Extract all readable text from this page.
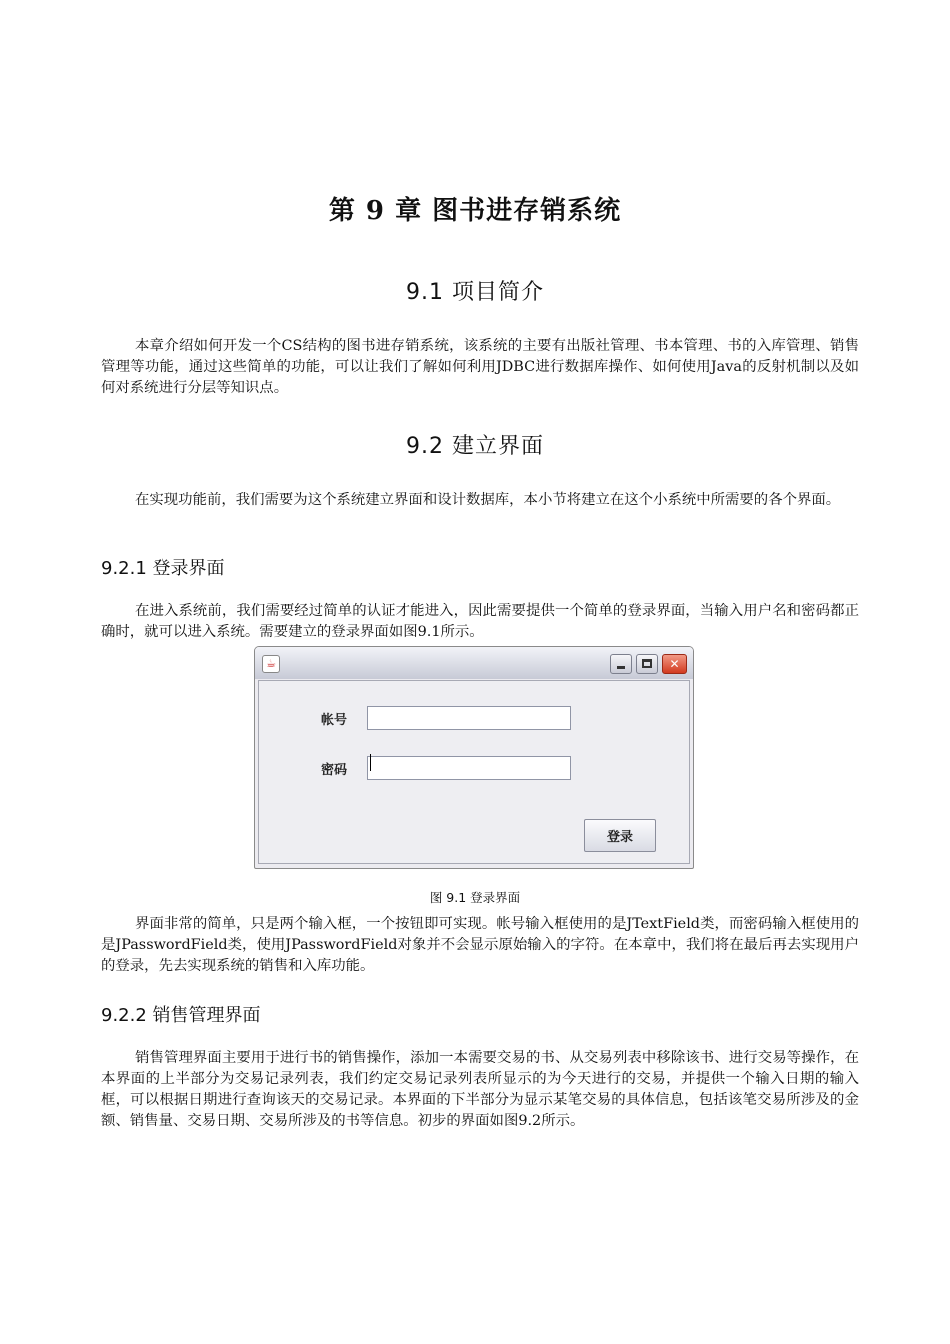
第 9 章 图书进存销系统
9.1 项目简介

本章介绍如何开发一个CS结构的图书进存销系统，该系统的主要有出版社管理、书本管理、书的入库管理、销售管理等功能，通过这些简单的功能，可以让我们了解如何利用JDBC进行数据库操作、如何使用Java的反射机制以及如何对系统进行分层等知识点。

9.2 建立界面

在实现功能前，我们需要为这个系统建立界面和设计数据库，本小节将建立在这个小系统中所需要的各个界面。

9.2.1 登录界面

在进入系统前，我们需要经过简单的认证才能进入，因此需要提供一个简单的登录界面，当输入用户名和密码都正确时，就可以进入系统。需要建立的登录界面如图9.1所示。

☕	✕
帐号
密码
登录
图 9.1 登录界面

界面非常的简单，只是两个输入框，一个按钮即可实现。帐号输入框使用的是JTextField类，而密码输入框使用的是JPasswordField类，使用JPasswordField对象并不会显示原始输入的字符。在本章中，我们将在最后再去实现用户的登录，先去实现系统的销售和入库功能。

9.2.2 销售管理界面

销售管理界面主要用于进行书的销售操作，添加一本需要交易的书、从交易列表中移除该书、进行交易等操作，在本界面的上半部分为交易记录列表，我们约定交易记录列表所显示的为今天进行的交易，并提供一个输入日期的输入框，可以根据日期进行查询该天的交易记录。本界面的下半部分为显示某笔交易的具体信息，包括该笔交易所涉及的金额、销售量、交易日期、交易所涉及的书等信息。初步的界面如图9.2所示。
